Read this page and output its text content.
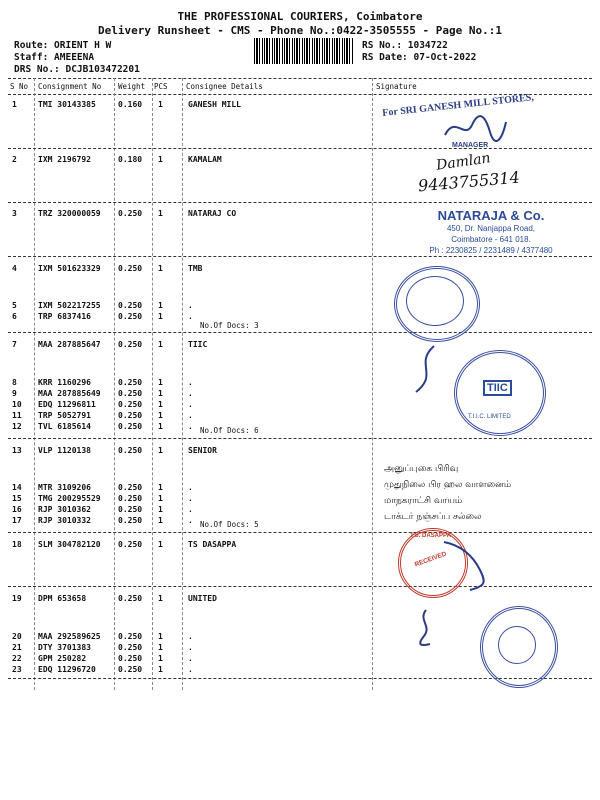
THE PROFESSIONAL COURIERS, Coimbatore
Delivery Runsheet - CMS - Phone No.:0422-3505555 - Page No.:1
Route: ORIENT H W
Staff: AMEEENA
DRS No.: DCJB103472201
RS No.: 1034722
RS Date: 07-Oct-2022
S No Consignment No Weight PCS Consignee Details	Signature
1	TMI 30143385	0.160 1	GANESH MILL
2	IXM 2196792	0.180 1	KAMALAM
3	TRZ 320000059 0.250 1	NATARAJ CO
4	IXM 501623329 0.250 1	TMB
5	IXM 502217255 0.250 1	.
6	TRP 6837416	0.250 1	.
7	MAA 287885647 0.250 1	TIIC
8	KRR 1160296	0.250 1	.
9	MAA 287885649 0.250 1	.
10 EDQ 11296811	0.250 1	.
11 TRP 5052791	0.250 1	.
12 TVL 6185614	0.250 1	.
13 VLP 1120138	0.250 1	SENIOR
14 MTR 3109206	0.250 1	.
15 TMG 200295529 0.250 1	.
16 RJP 3010362	0.250 1	.
17 RJP 3010332	0.250 1	.
18 SLM 304782120 0.250 1	TS DASAPPA
19 DPM 653658	0.250 1	UNITED
20 MAA 292589625 0.250 1	.
21 DTY 3701383	0.250 1	.
22 GPM 250282	0.250 1	.
23 EDQ 11296720	0.250 1	.
No.Of Docs: 3
No.Of Docs: 6
No.Of Docs: 5
For SRI GANESH MILL STORES,
MANAGER
Damlan
9443755314
NATARAJA & Co.
450, Dr. Nanjappa Road,
Coimbatore - 641 018.
Ph : 2230825 / 2231489 / 4377480
TIIC
T.I.I.C. LIMITED
அனுப்புகை பிரிவு
முதுநிலை பிர ஹல வாளனைம்
மாநகராட்சி வாயம்
டாக்டர் நஞ்சப்ப சல்லை
T.S. DASAPPA
RECEIVED
